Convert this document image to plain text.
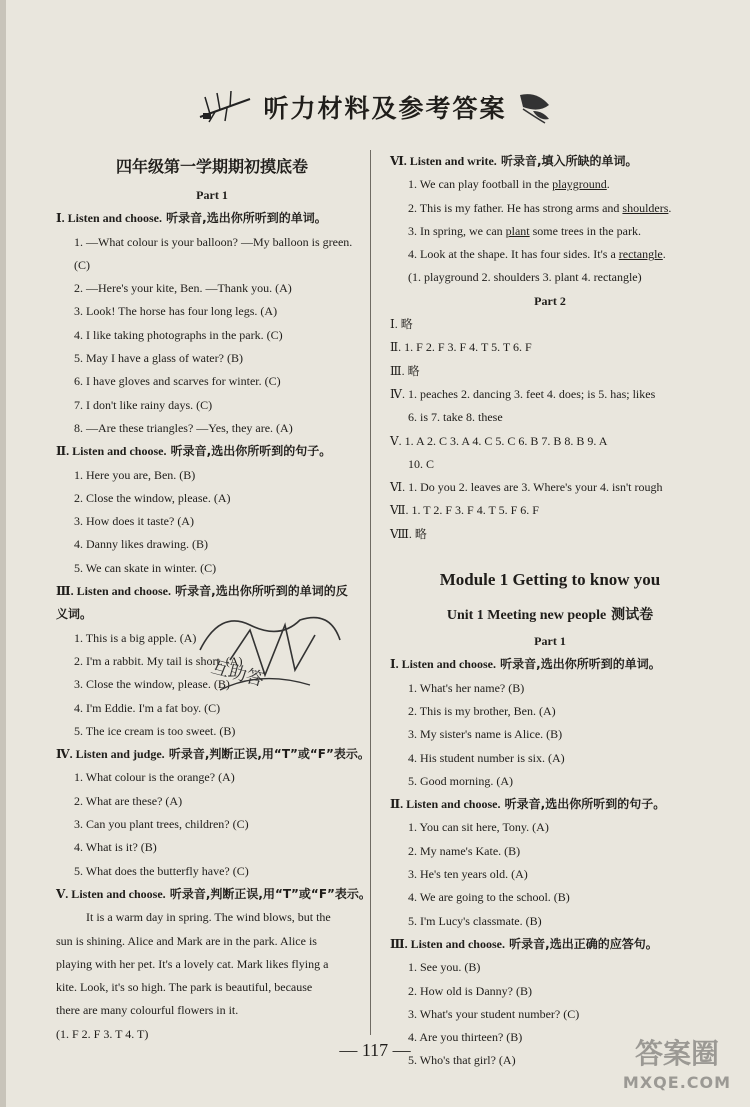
听力材料及参考答案
四年级第一学期期初摸底卷
Part 1
Ⅰ. Listen and choose. 听录音,选出你所听到的单词。
1. —What colour is your balloon? —My balloon is green.
(C)
2. —Here's your kite, Ben. —Thank you. (A)
3. Look! The horse has four long legs. (A)
4. I like taking photographs in the park. (C)
5. May I have a glass of water? (B)
6. I have gloves and scarves for winter. (C)
7. I don't like rainy days. (C)
8. —Are these triangles? —Yes, they are. (A)
Ⅱ. Listen and choose. 听录音,选出你所听到的句子。
1. Here you are, Ben. (B)
2. Close the window, please. (A)
3. How does it taste? (A)
4. Danny likes drawing. (B)
5. We can skate in winter. (C)
Ⅲ. Listen and choose. 听录音,选出你所听到的单词的反
义词。
1. This is a big apple. (A)
2. I'm a rabbit. My tail is short. (A)
3. Close the window, please. (B)
4. I'm Eddie. I'm a fat boy. (C)
5. The ice cream is too sweet. (B)
Ⅳ. Listen and judge. 听录音,判断正误,用“T”或“F”表示。
1. What colour is the orange? (A)
2. What are these? (A)
3. Can you plant trees, children? (C)
4. What is it? (B)
5. What does the butterfly have? (C)
Ⅴ. Listen and choose. 听录音,判断正误,用“T”或“F”表示。
It is a warm day in spring. The wind blows, but the
sun is shining. Alice and Mark are in the park. Alice is
playing with her pet. It's a lovely cat. Mark likes flying a
kite. Look, it's so high. The park is beautiful, because
there are many colourful flowers in it.
(1. F 2. F 3. T 4. T)
Ⅵ. Listen and write. 听录音,填入所缺的单词。
1. We can play football in the playground.
2. This is my father. He has strong arms and shoulders.
3. In spring, we can plant some trees in the park.
4. Look at the shape. It has four sides. It's a rectangle.
(1. playground 2. shoulders 3. plant 4. rectangle)
Part 2
Ⅰ. 略
Ⅱ. 1. F 2. F 3. F 4. T 5. T 6. F
Ⅲ. 略
Ⅳ. 1. peaches 2. dancing 3. feet 4. does; is 5. has; likes
6. is 7. take 8. these
Ⅴ. 1. A 2. C 3. A 4. C 5. C 6. B 7. B 8. B 9. A
10. C
Ⅵ. 1. Do you 2. leaves are 3. Where's your 4. isn't rough
Ⅶ. 1. T 2. F 3. F 4. T 5. F 6. F
Ⅷ. 略
Module 1 Getting to know you
Unit 1 Meeting new people 测试卷
Part 1
Ⅰ. Listen and choose. 听录音,选出你所听到的单词。
1. What's her name? (B)
2. This is my brother, Ben. (A)
3. My sister's name is Alice. (B)
4. His student number is six. (A)
5. Good morning. (A)
Ⅱ. Listen and choose. 听录音,选出你所听到的句子。
1. You can sit here, Tony. (A)
2. My name's Kate. (B)
3. He's ten years old. (A)
4. We are going to the school. (B)
5. I'm Lucy's classmate. (B)
Ⅲ. Listen and choose. 听录音,选出正确的应答句。
1. See you. (B)
2. How old is Danny? (B)
3. What's your student number? (C)
4. Are you thirteen? (B)
5. Who's that girl? (A)
互助答
— 117 —	答案圈
MXQE.COM
